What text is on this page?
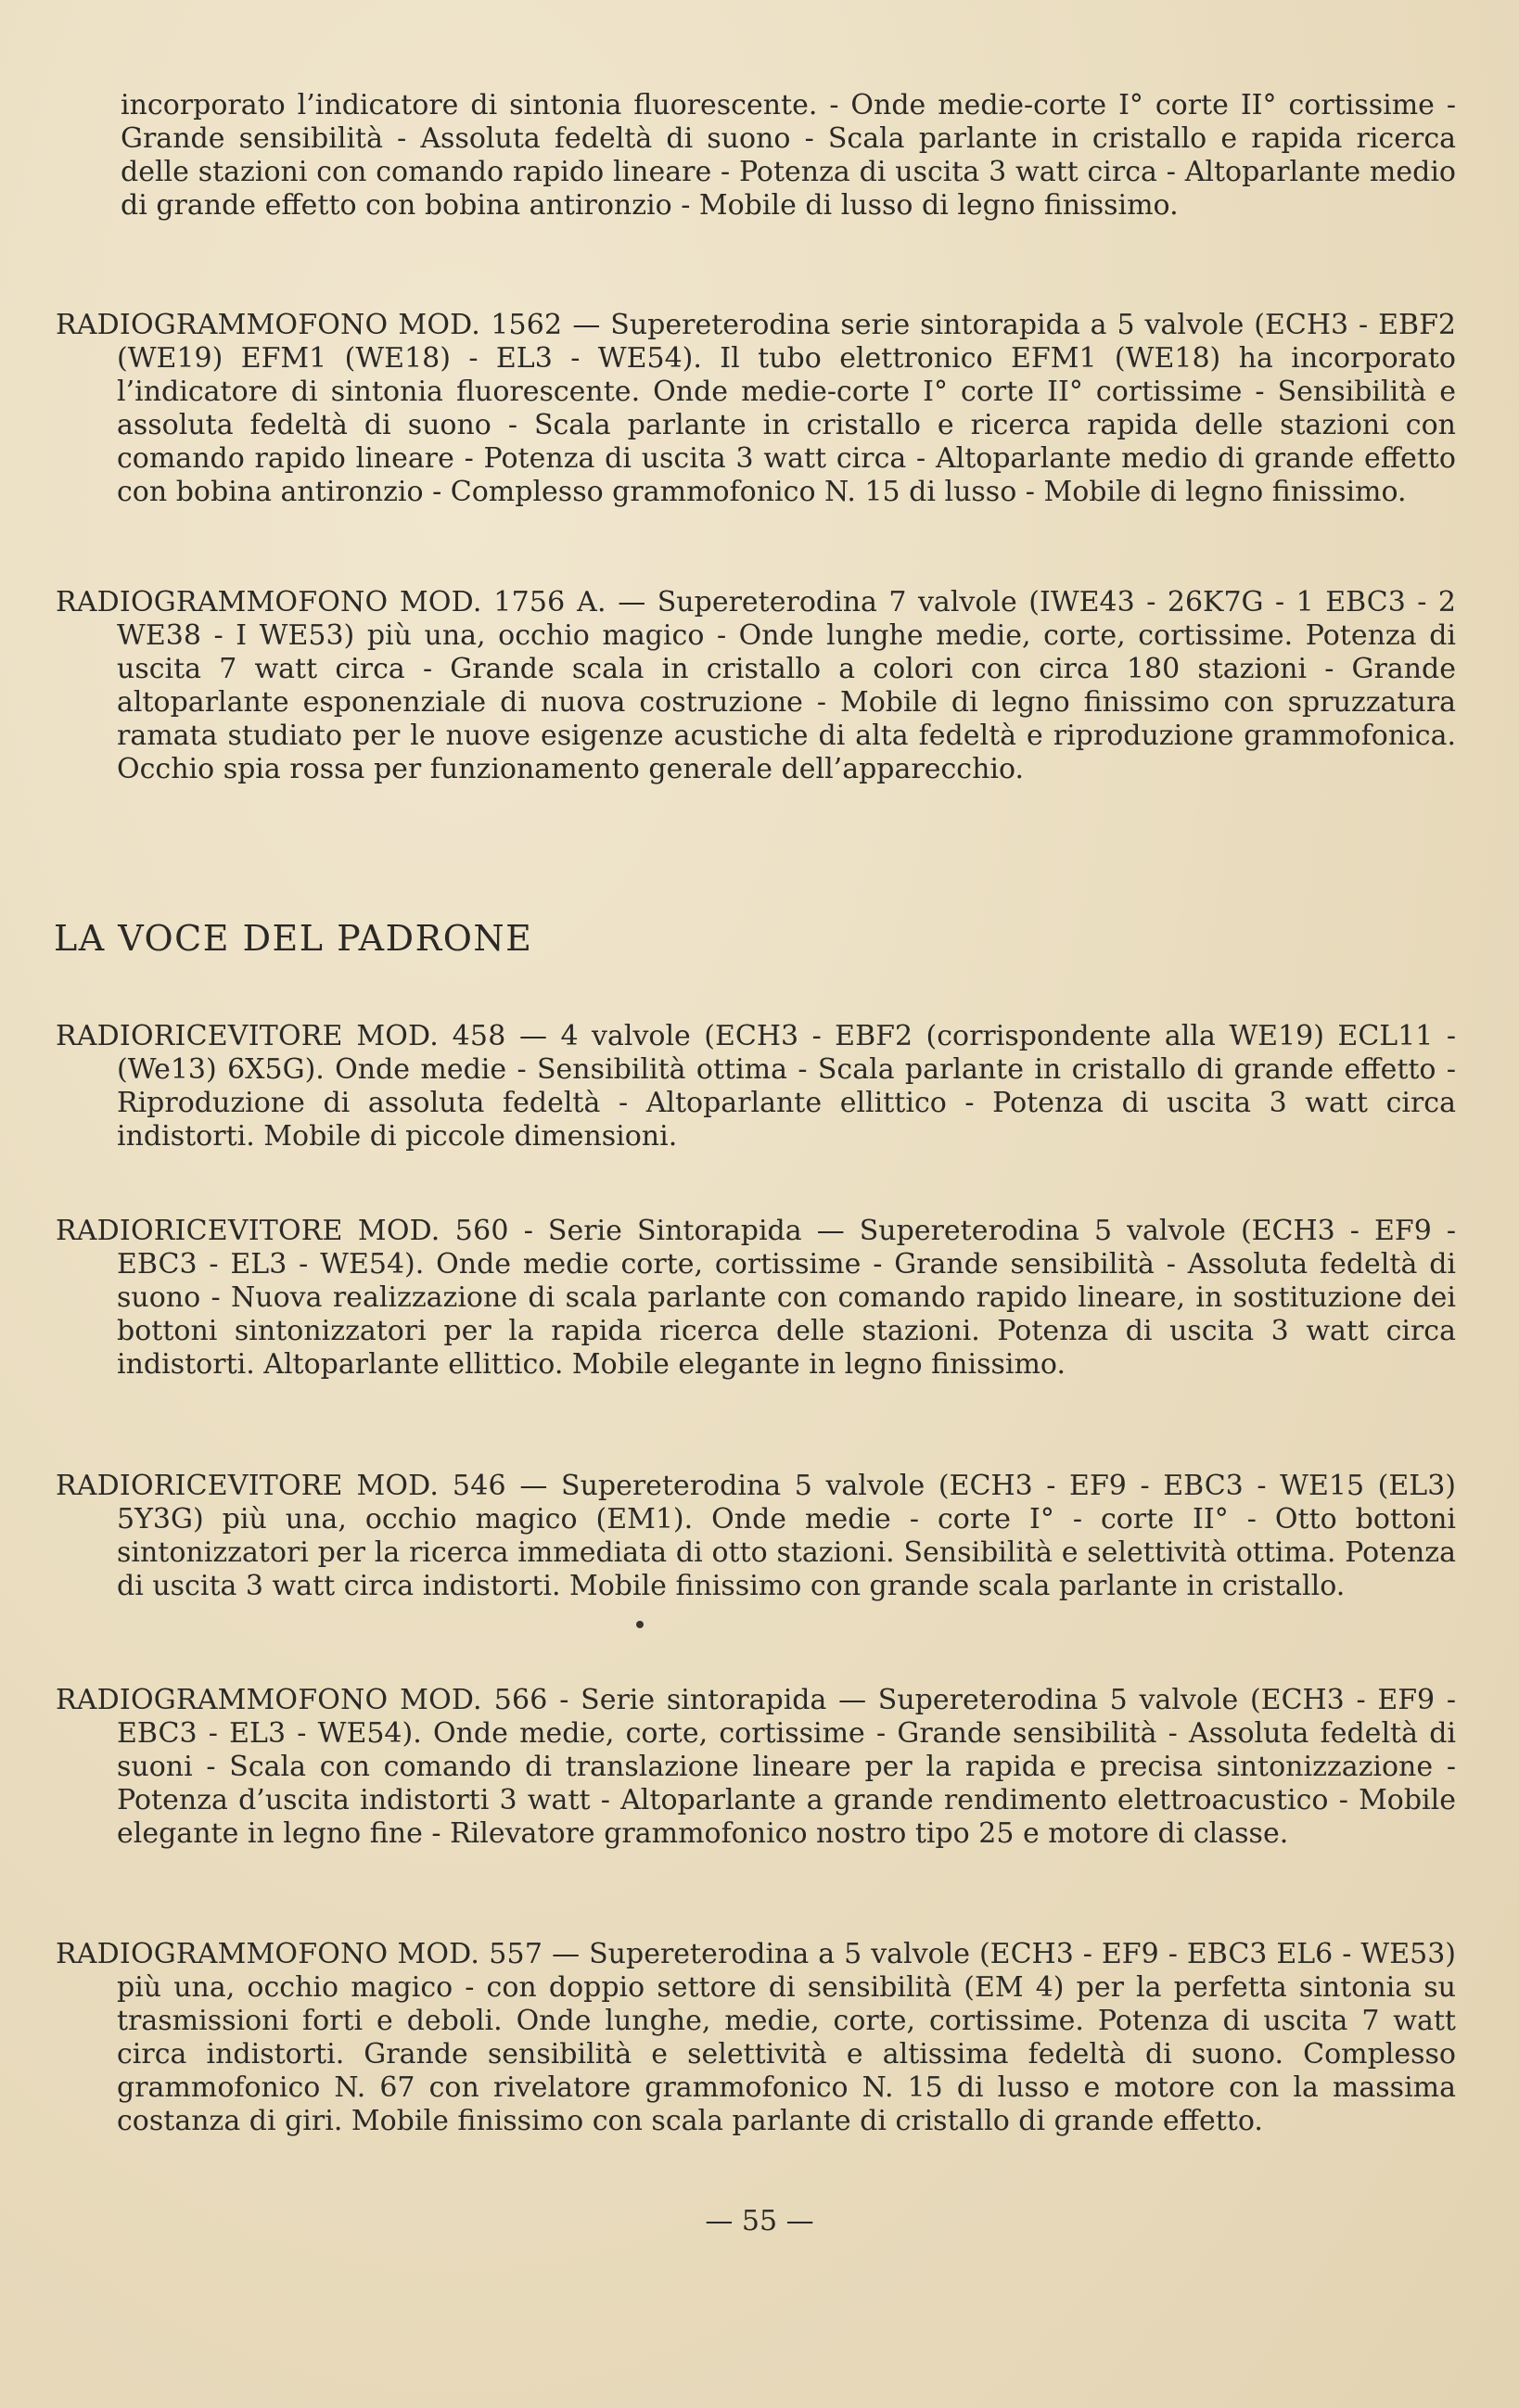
incorporato l’indicatore di sintonia fluorescente. - Onde medie-corte I° corte II° cortissime - Grande sensibilità - Assoluta fedeltà di suono - Scala parlante in cristallo e rapida ricerca delle stazioni con comando rapido lineare - Potenza di uscita 3 watt circa - Altoparlante medio di grande effetto con bobina antironzio - Mobile di lusso di legno finissimo.

RADIOGRAMMOFONO MOD. 1562 — Supereterodina serie sintorapida a 5 valvole (ECH3 - EBF2 (WE19) EFM1 (WE18) - EL3 - WE54). Il tubo elettronico EFM1 (WE18) ha incorporato l’indicatore di sintonia fluorescente. Onde medie-corte I° corte II° cortissime - Sensibilità e assoluta fedeltà di suono - Scala parlante in cristallo e ricerca rapida delle stazioni con comando rapido lineare - Potenza di uscita 3 watt circa - Altoparlante medio di grande effetto con bobina antironzio - Complesso grammofonico N. 15 di lusso - Mobile di legno finissimo.

RADIOGRAMMOFONO MOD. 1756 A. — Supereterodina 7 valvole (IWE43 - 26K7G - 1 EBC3 - 2 WE38 - I WE53) più una, occhio magico - Onde lunghe medie, corte, cortissime. Potenza di uscita 7 watt circa - Grande scala in cristallo a colori con circa 180 stazioni - Grande altoparlante esponenziale di nuova costruzione - Mobile di legno finissimo con spruzzatura ramata studiato per le nuove esigenze acustiche di alta fedeltà e riproduzione grammofonica. Occhio spia rossa per funzionamento generale dell’apparecchio.

LA VOCE DEL PADRONE

RADIORICEVITORE MOD. 458 — 4 valvole (ECH3 - EBF2 (corrispondente alla WE19) ECL11 - (We13) 6X5G). Onde medie - Sensibilità ottima - Scala parlante in cristallo di grande effetto - Riproduzione di assoluta fedeltà - Altoparlante ellittico - Potenza di uscita 3 watt circa indistorti. Mobile di piccole dimensioni.

RADIORICEVITORE MOD. 560 - Serie Sintorapida — Supereterodina 5 valvole (ECH3 - EF9 - EBC3 - EL3 - WE54). Onde medie corte, cortissime - Grande sensibilità - Assoluta fedeltà di suono - Nuova realizzazione di scala parlante con comando rapido lineare, in sostituzione dei bottoni sintonizzatori per la rapida ricerca delle stazioni. Potenza di uscita 3 watt circa indistorti. Altoparlante ellittico. Mobile elegante in legno finissimo.

RADIORICEVITORE MOD. 546 — Supereterodina 5 valvole (ECH3 - EF9 - EBC3 - WE15 (EL3) 5Y3G) più una, occhio magico (EM1). Onde medie - corte I° - corte II° - Otto bottoni sintonizzatori per la ricerca immediata di otto stazioni. Sensibilità e selettività ottima. Potenza di uscita 3 watt circa indistorti. Mobile finissimo con grande scala parlante in cristallo.

RADIOGRAMMOFONO MOD. 566 - Serie sintorapida — Supereterodina 5 valvole (ECH3 - EF9 - EBC3 - EL3 - WE54). Onde medie, corte, cortissime - Grande sensibilità - Assoluta fedeltà di suoni - Scala con comando di translazione lineare per la rapida e precisa sintonizzazione - Potenza d’uscita indistorti 3 watt - Altoparlante a grande rendimento elettroacustico - Mobile elegante in legno fine - Rilevatore grammofonico nostro tipo 25 e motore di classe.

RADIOGRAMMOFONO MOD. 557 — Supereterodina a 5 valvole (ECH3 - EF9 - EBC3 EL6 - WE53) più una, occhio magico - con doppio settore di sensibilità (EM 4) per la perfetta sintonia su trasmissioni forti e deboli. Onde lunghe, medie, corte, cortissime. Potenza di uscita 7 watt circa indistorti. Grande sensibilità e selettività e altissima fedeltà di suono. Complesso grammofonico N. 67 con rivelatore grammofonico N. 15 di lusso e motore con la massima costanza di giri. Mobile finissimo con scala parlante di cristallo di grande effetto.

— 55 —
